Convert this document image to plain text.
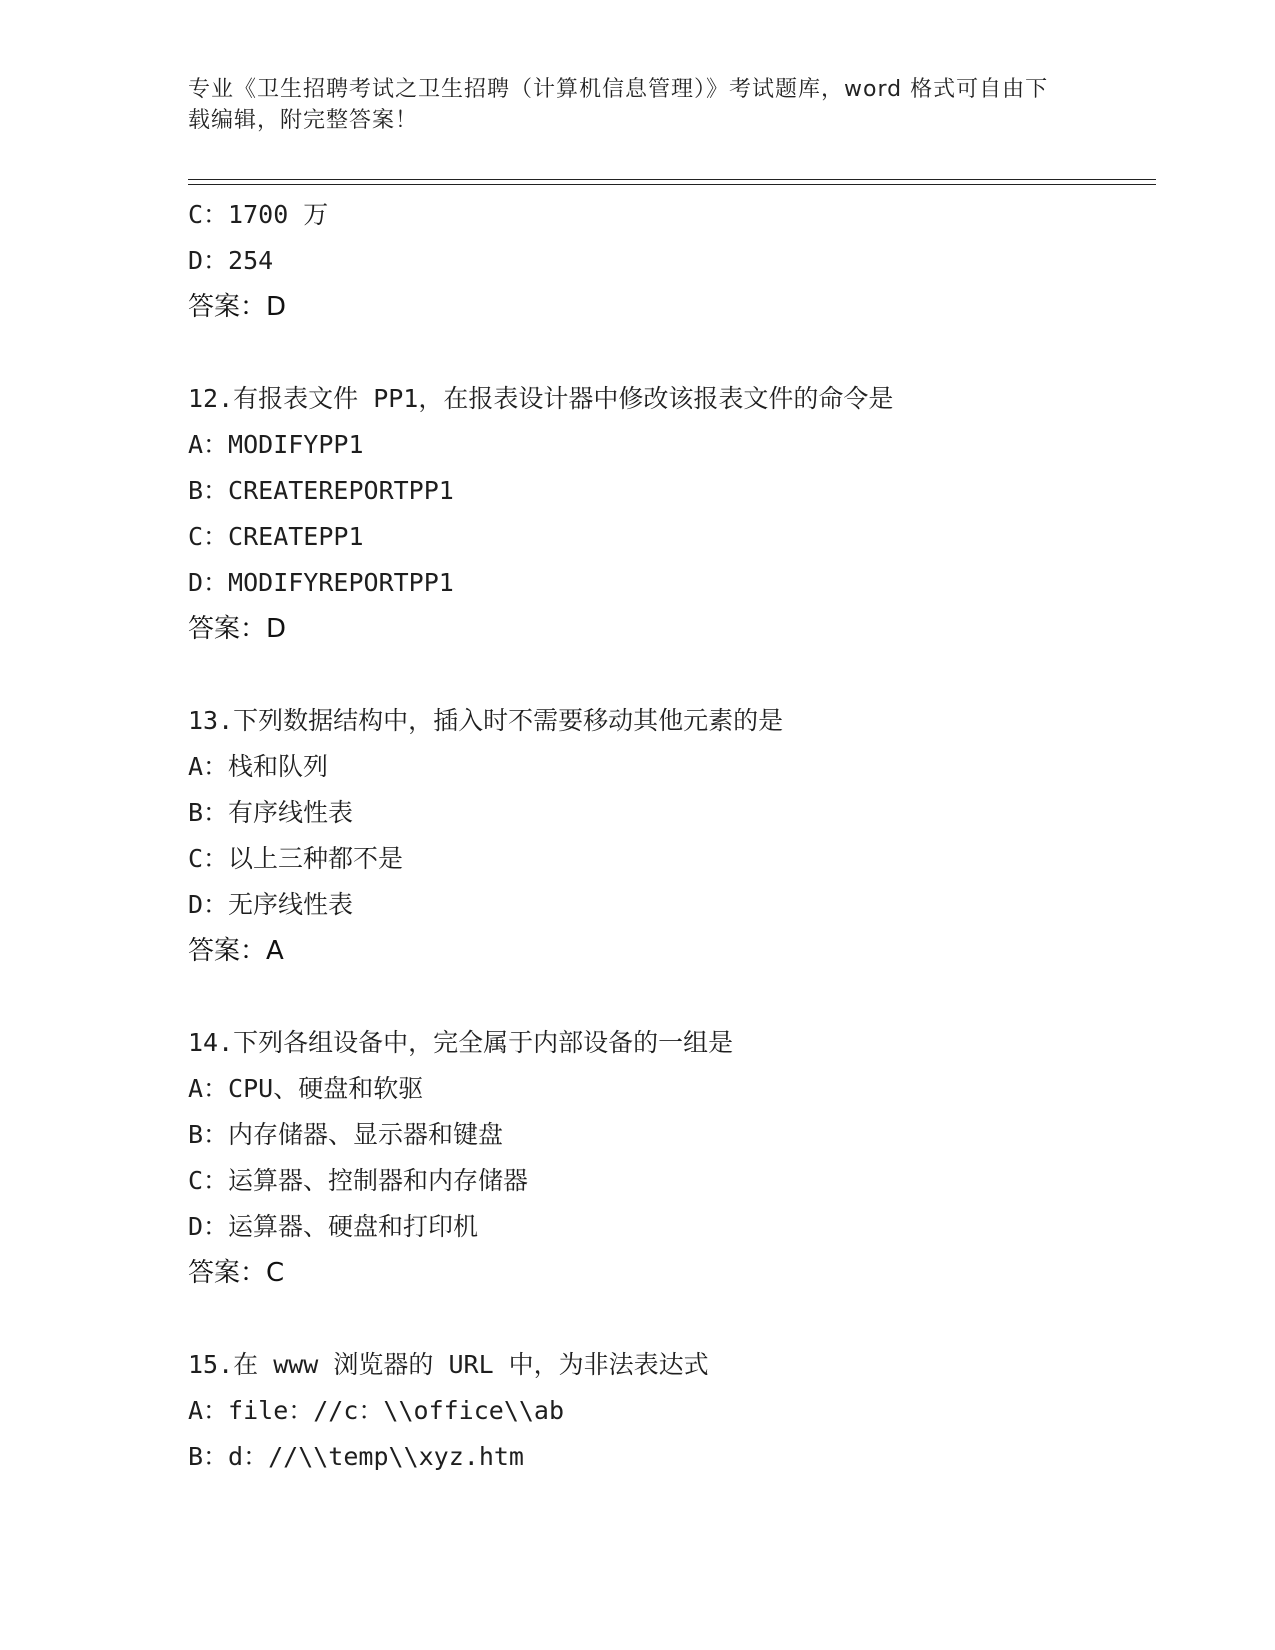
专业《卫生招聘考试之卫生招聘（计算机信息管理）》考试题库，word 格式可自由下载编辑，附完整答案！
C：1700 万
D：254
答案：D
12.有报表文件 PP1，在报表设计器中修改该报表文件的命令是
A：MODIFYPP1
B：CREATEREPORTPP1
C：CREATEPP1
D：MODIFYREPORTPP1
答案：D
13.下列数据结构中，插入时不需要移动其他元素的是
A：栈和队列
B：有序线性表
C：以上三种都不是
D：无序线性表
答案：A
14.下列各组设备中，完全属于内部设备的一组是
A：CPU、硬盘和软驱
B：内存储器、显示器和键盘
C：运算器、控制器和内存储器
D：运算器、硬盘和打印机
答案：C
15.在 www 浏览器的 URL 中，为非法表达式
A：file：//c：\\office\\ab
B：d：//\\temp\\xyz.htm
